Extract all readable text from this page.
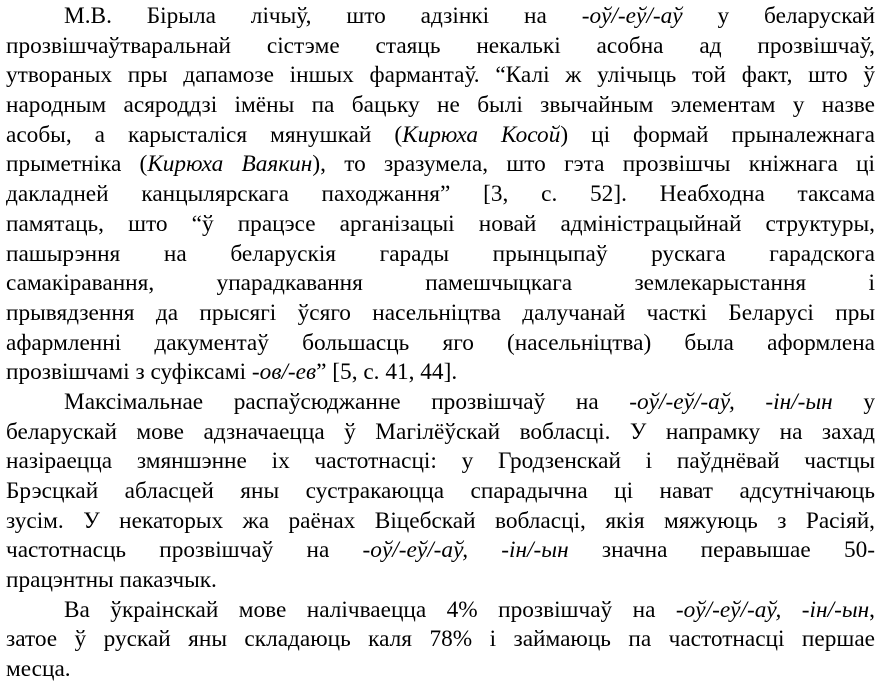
М.В. Бірыла лічыў, што адзінкі на -оў/-еў/-аў у беларускай
прозвішчаўтваральнай сістэме стаяць некалькі асобна ад прозвішчаў,
утвораных пры дапамозе іншых фармантаў. “Калі ж улічыць той факт, што ў
народным асяроддзі імёны па бацьку не былі звычайным элементам у назве
асобы, а карысталіся мянушкай (Кирюха Косой) ці формай прыналежнага
прыметніка (Кирюха Ваякин), то зразумела, што гэта прозвішчы кніжнага ці
дакладней канцылярскага паходжання” [3, с. 52]. Неабходна таксама
памятаць, што “ў працэсе арганізацыі новай адміністрацыйнай структуры,
пашырэння на беларускія гарады прынцыпаў рускага гарадскога
самакіравання, упарадкавання памешчыцкага землекарыстання і
прывядзення да прысягі ўсяго насельніцтва далучанай часткі Беларусі пры
афармленні дакументаў большасць яго (насельніцтва) была аформлена
прозвішчамі з суфіксамі -ов/-ев” [5, с. 41, 44].
Максімальнае распаўсюджанне прозвішчаў на -оў/-еў/-аў, -ін/-ын у
беларускай мове адзначаецца ў Магілёўскай вобласці. У напрамку на захад
назіраецца змяншэнне іх частотнасці: у Гродзенскай і паўднёвай частцы
Брэсцкай абласцей яны сустракаюцца спарадычна ці нават адсутнічаюць
зусім. У некаторых жа раёнах Віцебскай вобласці, якія мяжуюць з Расіяй,
частотнасць прозвішчаў на -оў/-еў/-аў, -ін/-ын значна перавышае 50-
працэнтны паказчык.
Ва ўкраінскай мове налічваецца 4% прозвішчаў на -оў/-еў/-аў, -ін/-ын,
затое ў рускай яны складаюць каля 78% і займаюць па частотнасці першае
месца.
